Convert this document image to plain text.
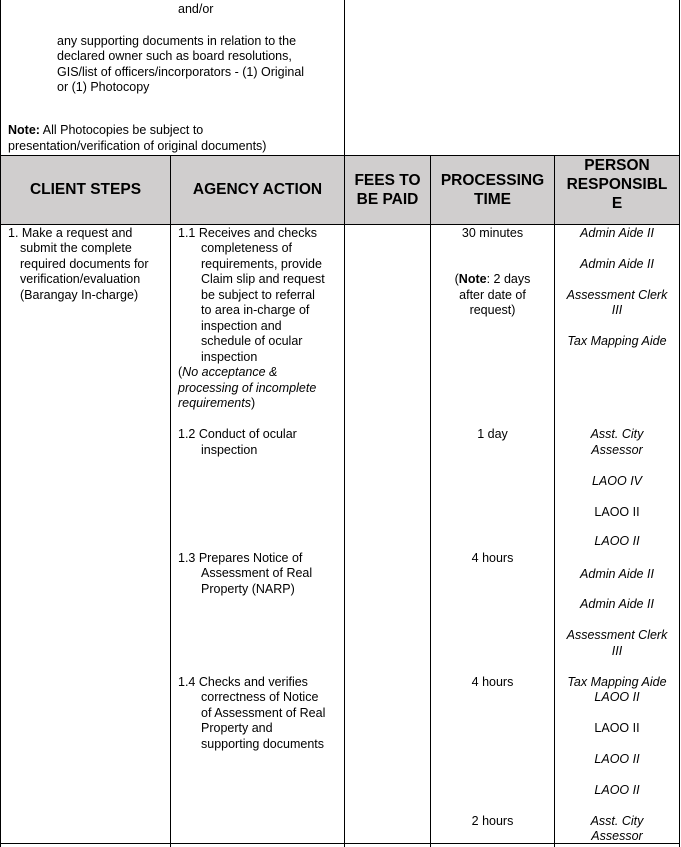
and/or
any supporting documents in relation to the
declared owner such as board resolutions,
GIS/list of officers/incorporators - (1) Original
or (1) Photocopy
Note: All Photocopies be subject to
presentation/verification of original documents)
CLIENT STEPS	AGENCY ACTION
FEES TO
BE PAID
PROCESSING
TIME
PERSON
RESPONSIBL
E
1. Make a request and
submit the complete
required documents for
verification/evaluation
(Barangay In-charge)
1.1 Receives and checks
completeness of
requirements, provide
Claim slip and request
be subject to referral
to area in-charge of
inspection and
schedule of ocular
inspection
(No acceptance &
processing of incomplete
requirements)
1.2 Conduct of ocular
inspection
1.3 Prepares Notice of
Assessment of Real
Property (NARP)
1.4 Checks and verifies
correctness of Notice
of Assessment of Real
Property and
supporting documents
30 minutes
(Note: 2 days
after date of
request)
1 day
4 hours
4 hours
2 hours
Admin Aide II
Admin Aide II
Assessment Clerk
III
Tax Mapping Aide
Asst. City
Assessor
LAOO IV
LAOO II
LAOO II
Admin Aide II
Admin Aide II
Assessment Clerk
III
Tax Mapping Aide
LAOO II
LAOO II
LAOO II
LAOO II
Asst. City
Assessor
